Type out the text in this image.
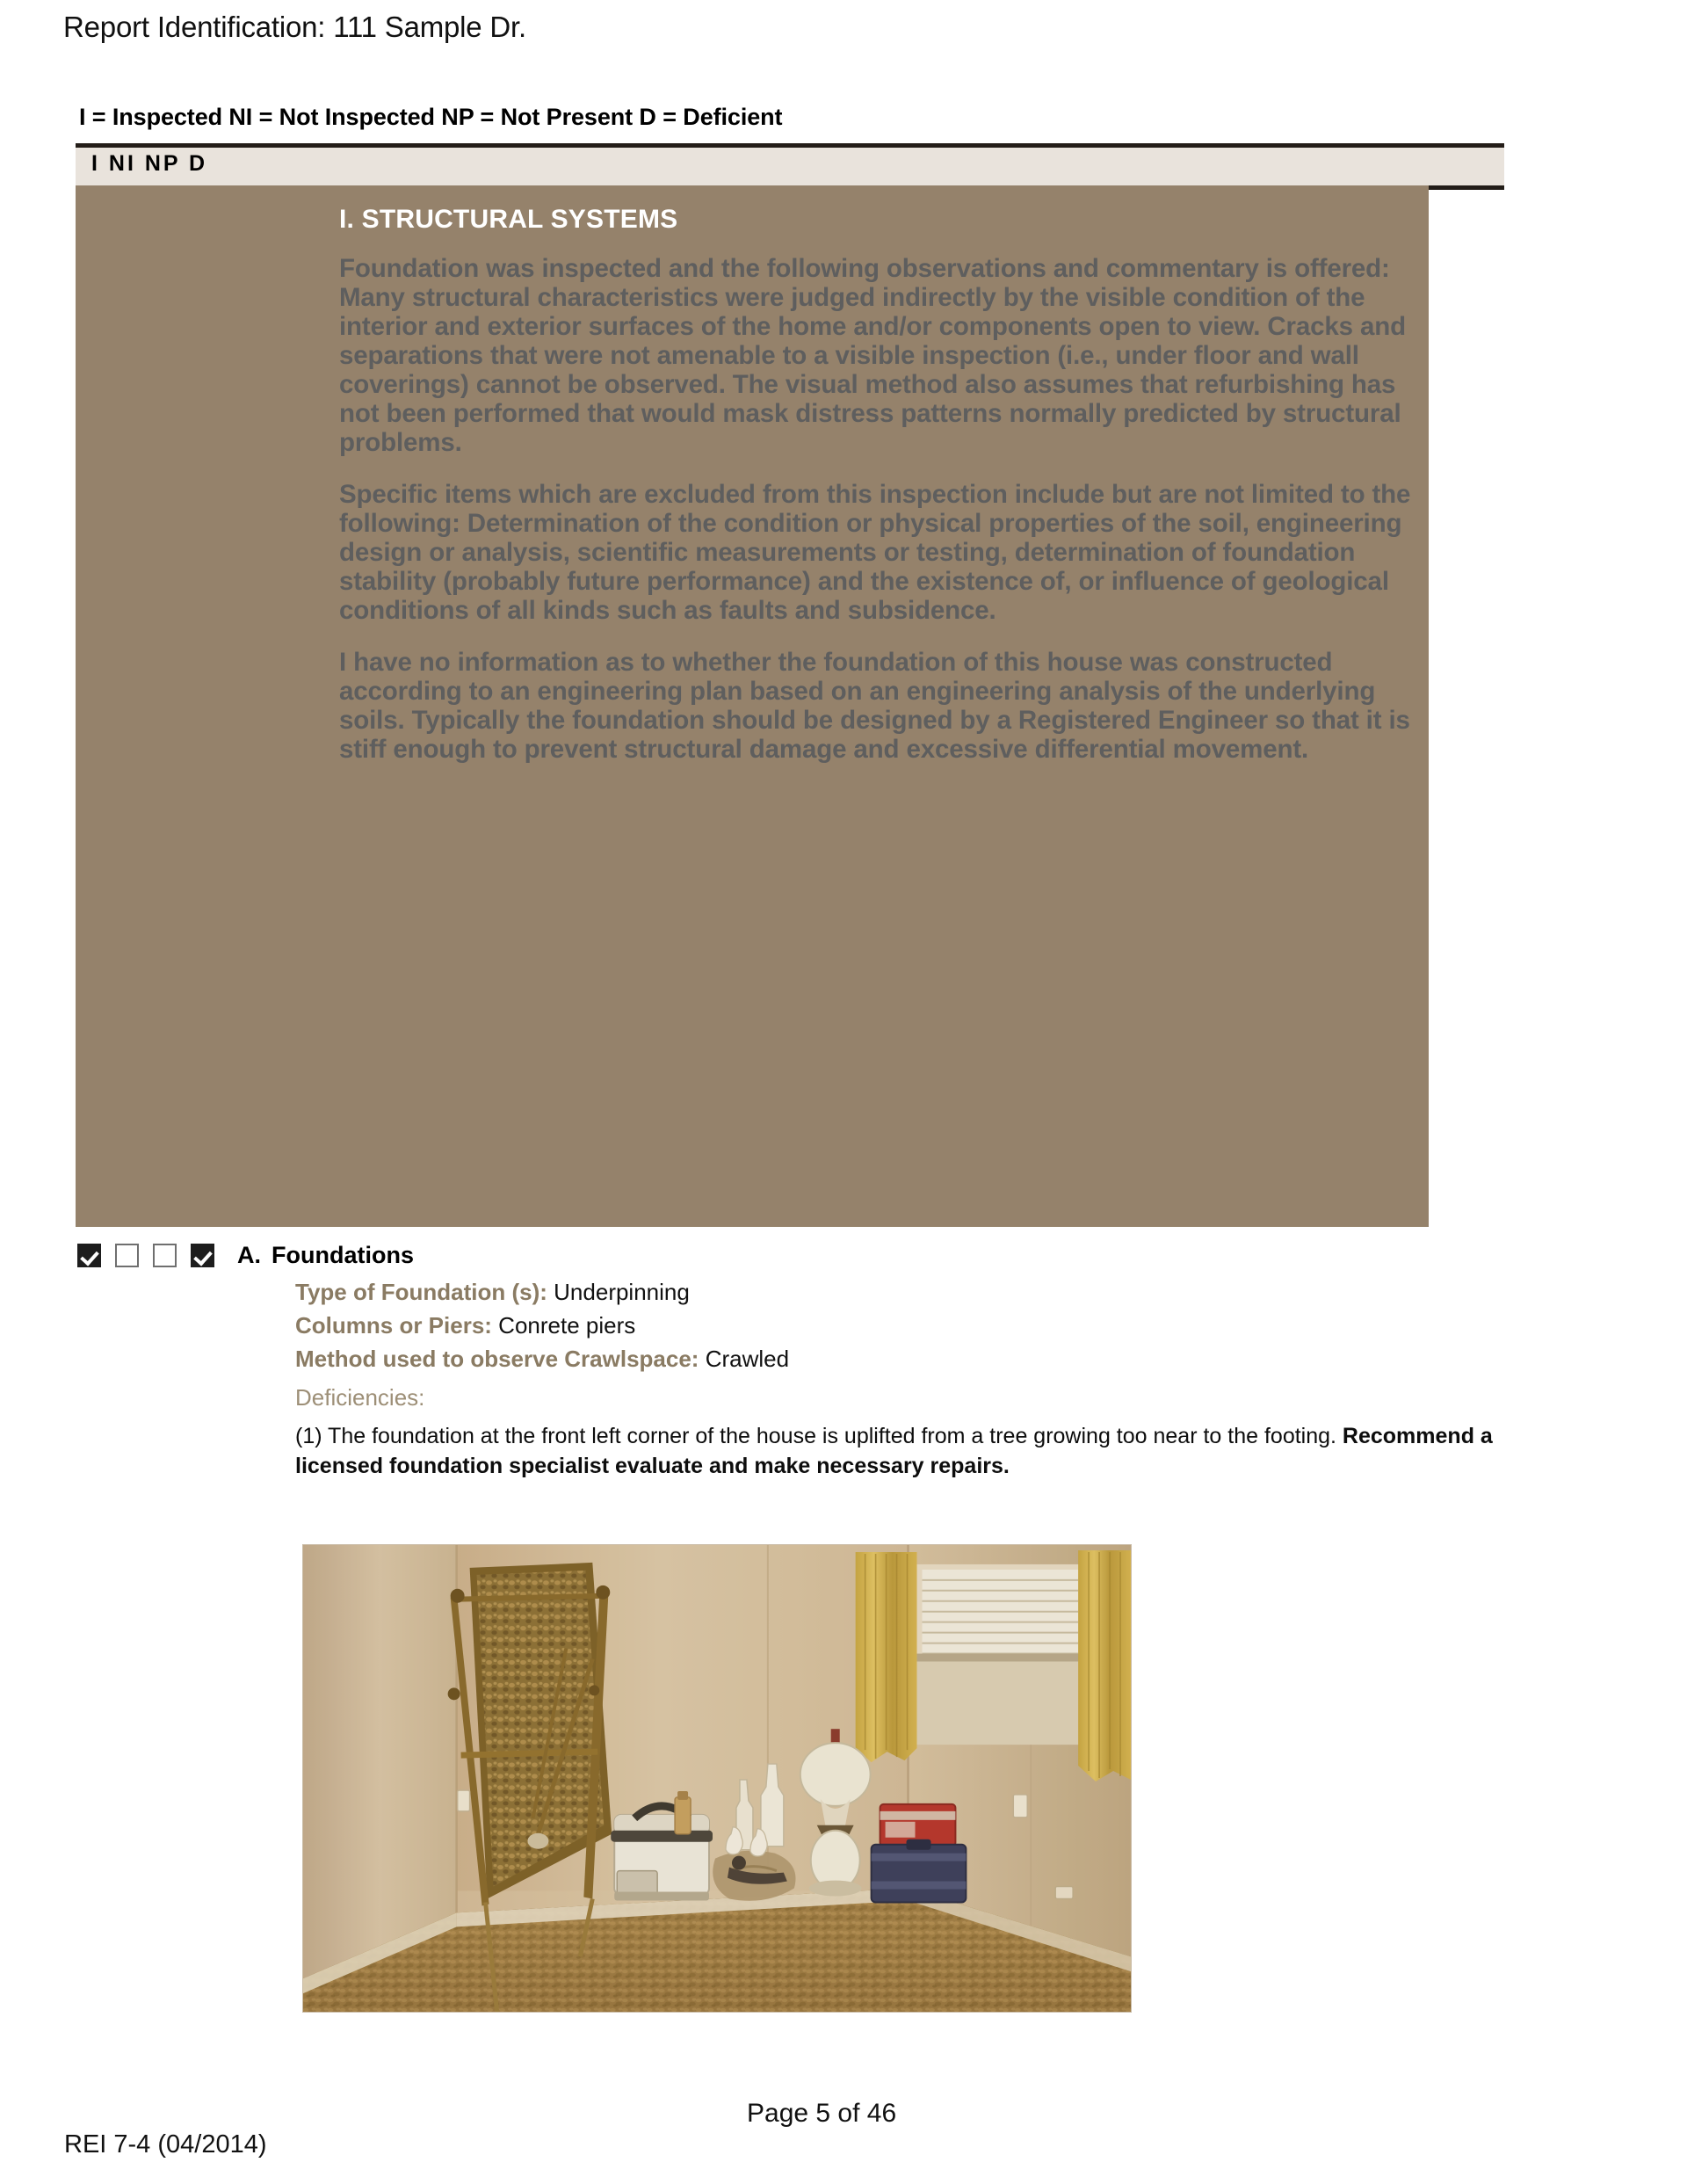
Report Identification: 111 Sample Dr.
I = Inspected NI = Not Inspected NP = Not Present D = Deficient
I NI NP D
I. STRUCTURAL SYSTEMS

Foundation was inspected and the following observations and commentary is offered: Many structural characteristics were judged indirectly by the visible condition of the interior and exterior surfaces of the home and/or components open to view. Cracks and separations that were not amenable to a visible inspection (i.e., under floor and wall coverings) cannot be observed. The visual method also assumes that refurbishing has not been performed that would mask distress patterns normally predicted by structural problems.

Specific items which are excluded from this inspection include but are not limited to the following: Determination of the condition or physical properties of the soil, engineering design or analysis, scientific measurements or testing, determination of foundation stability (probably future performance) and the existence of, or influence of geological conditions of all kinds such as faults and subsidence.

I have no information as to whether the foundation of this house was constructed according to an engineering plan based on an engineering analysis of the underlying soils. Typically the foundation should be designed by a Registered Engineer so that it is stiff enough to prevent structural damage and excessive differential movement.

A. Foundations
Type of Foundation (s): Underpinning
Columns or Piers: Conrete piers
Method used to observe Crawlspace: Crawled
Deficiencies:

(1) The foundation at the front left corner of the house is uplifted from a tree growing too near to the footing. Recommend a licensed foundation specialist evaluate and make necessary repairs.

Page 5 of 46
REI 7-4 (04/2014)
